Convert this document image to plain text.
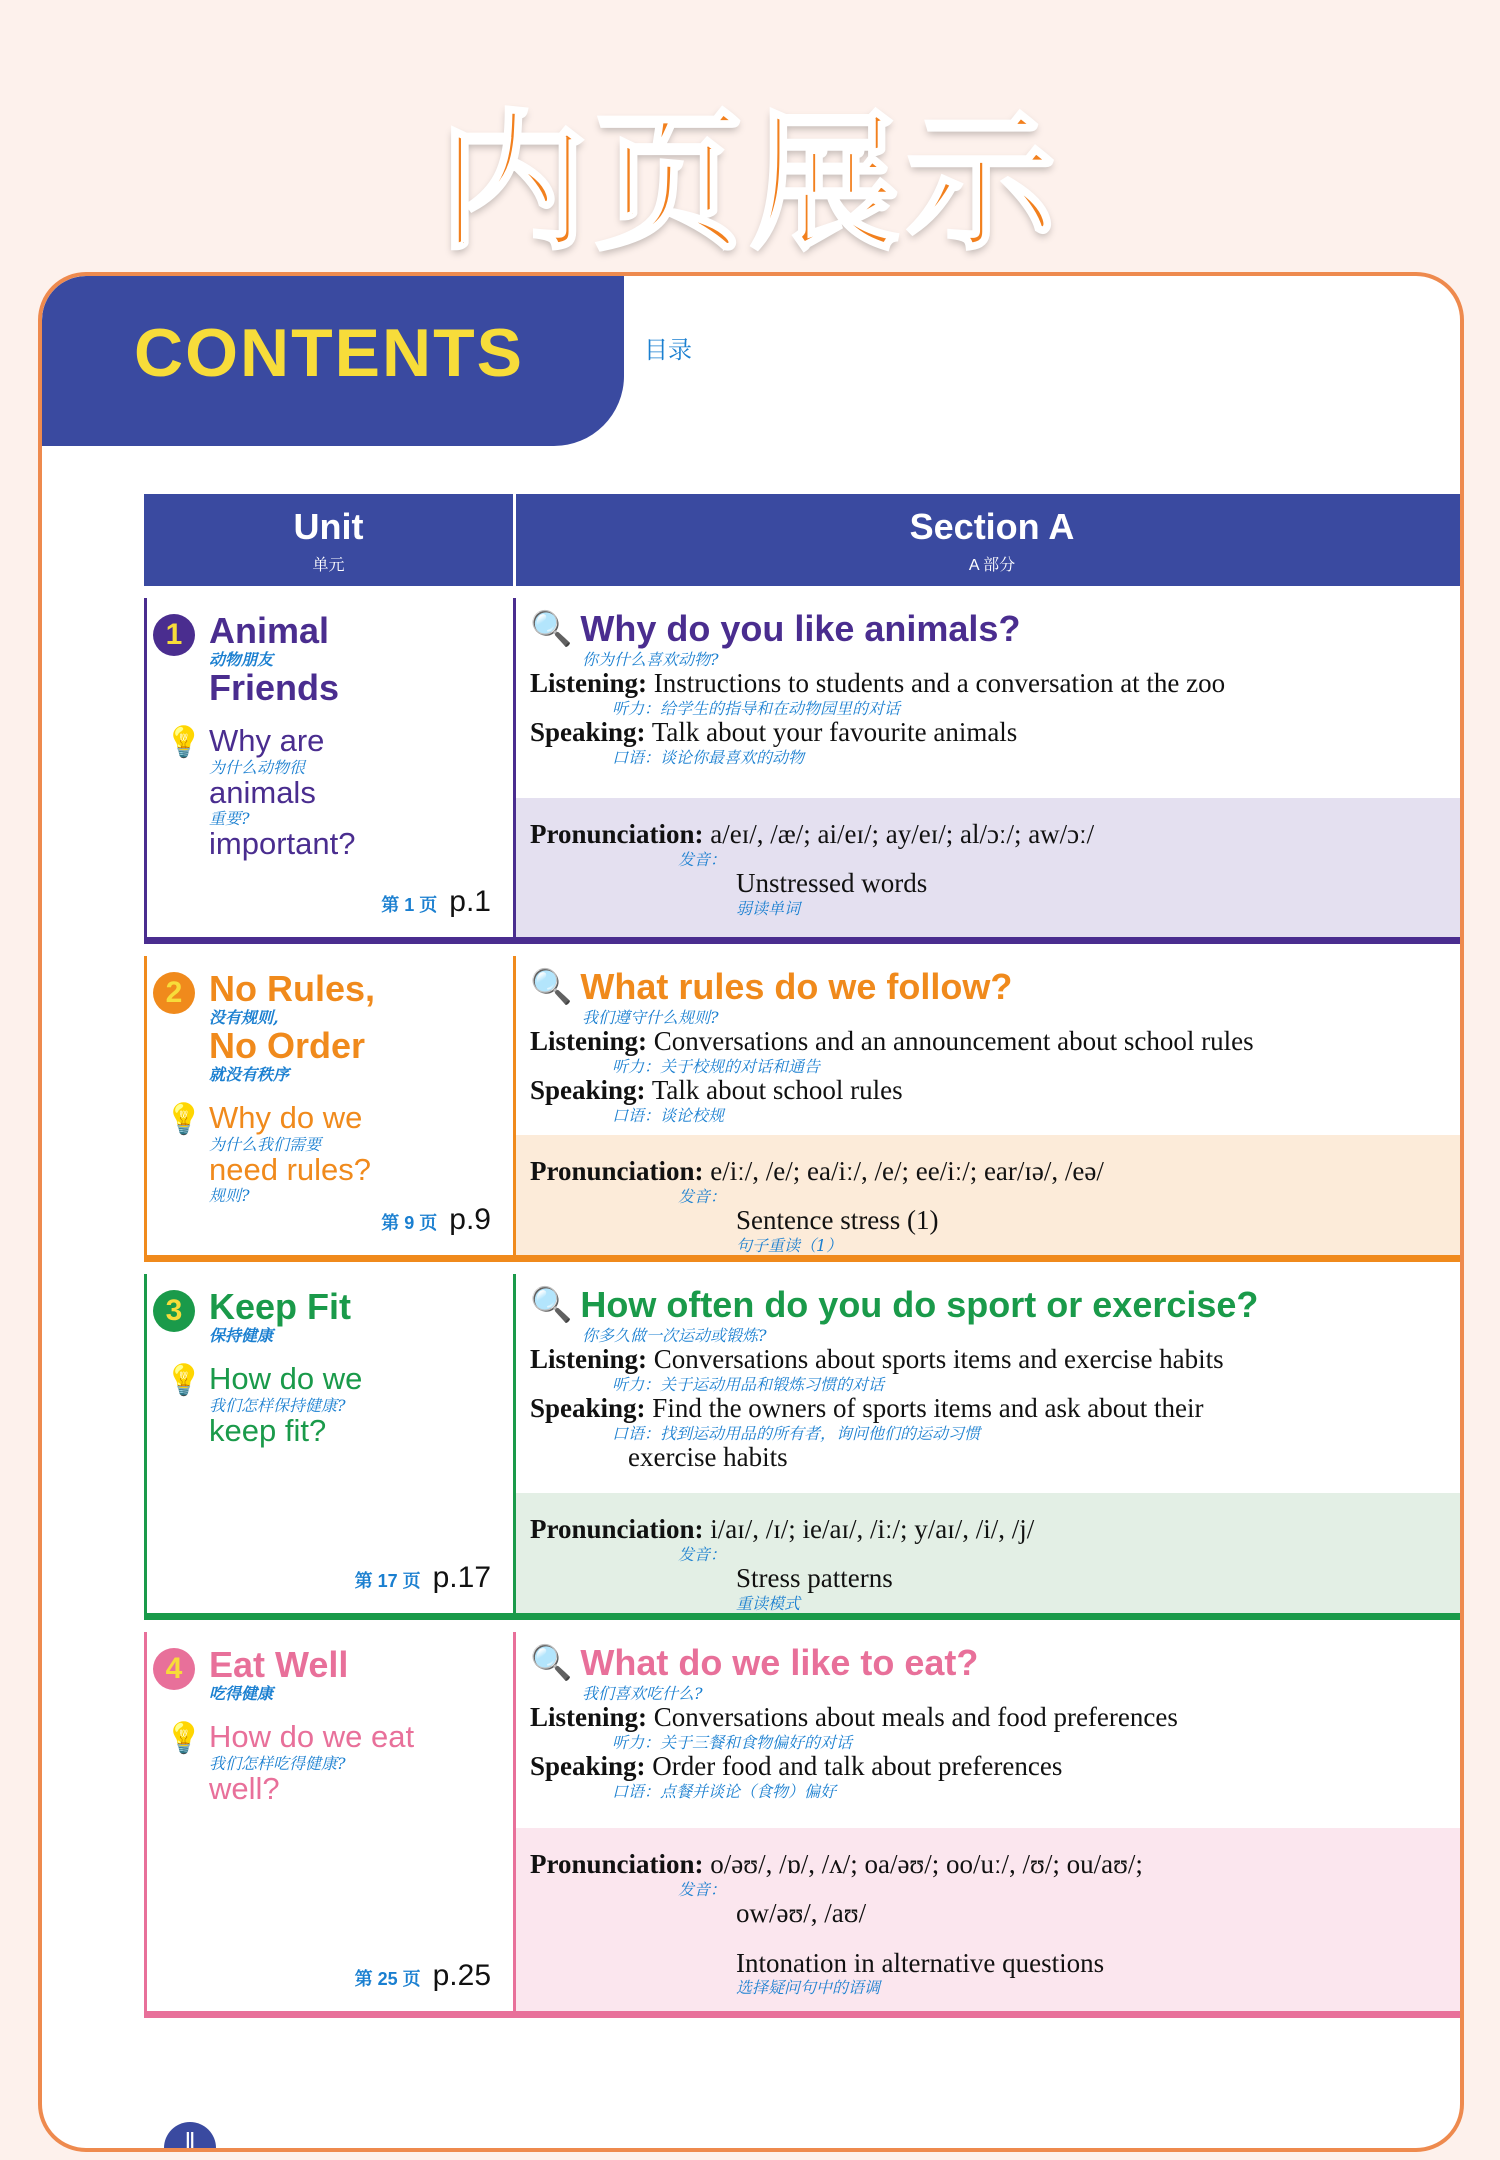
内页展示
CONTENTS	目录
Unit
单元
Section A
A 部分
1 Animal
动物朋友
Friends
💡 Why are
为什么动物很
animals
重要?
important?
第 1 页 p.1
🔍 Why do you like animals?
你为什么喜欢动物?
Listening: Instructions to students and a conversation at the zoo
听力：给学生的指导和在动物园里的对话
Speaking: Talk about your favourite animals
口语：谈论你最喜欢的动物
Pronunciation: a/eɪ/, /æ/; ai/eɪ/; ay/eɪ/; al/ɔː/; aw/ɔː/
发音：
Unstressed words
弱读单词
2 No Rules,
没有规则,
No Order
就没有秩序
💡 Why do we
为什么我们需要
need rules?
规则?
第 9 页 p.9
🔍 What rules do we follow?
我们遵守什么规则?
Listening: Conversations and an announcement about school rules
听力：关于校规的对话和通告
Speaking: Talk about school rules
口语：谈论校规
Pronunciation: e/iː/, /e/; ea/iː/, /e/; ee/iː/; ear/ɪə/, /eə/
发音：
Sentence stress (1)
句子重读（1）
3 Keep Fit
保持健康
💡 How do we
我们怎样保持健康?
keep fit?
第 17 页 p.17
🔍 How often do you do sport or exercise?
你多久做一次运动或锻炼?
Listening: Conversations about sports items and exercise habits
听力：关于运动用品和锻炼习惯的对话
Speaking: Find the owners of sports items and ask about their
口语：找到运动用品的所有者，询问他们的运动习惯
exercise habits
Pronunciation: i/aɪ/, /ɪ/; ie/aɪ/, /iː/; y/aɪ/, /i/, /j/
发音：
Stress patterns
重读模式
4 Eat Well
吃得健康
💡 How do we eat
我们怎样吃得健康?
well?
第 25 页 p.25
🔍 What do we like to eat?
我们喜欢吃什么?
Listening: Conversations about meals and food preferences
听力：关于三餐和食物偏好的对话
Speaking: Order food and talk about preferences
口语：点餐并谈论（食物）偏好
Pronunciation: o/əʊ/, /ɒ/, /ʌ/; oa/əʊ/; oo/uː/, /ʊ/; ou/aʊ/;
发音：
ow/əʊ/, /aʊ/
Intonation in alternative questions
选择疑问句中的语调
Ⅱ
